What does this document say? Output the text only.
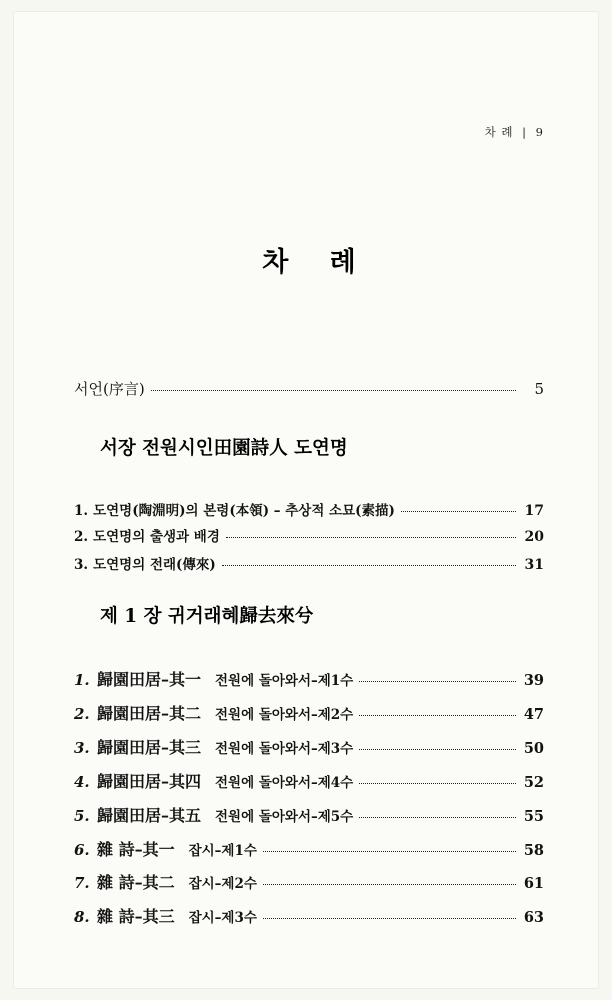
차 례 | 9
차 례
서언(序言)	5
서장 전원시인田園詩人 도연명
1. 도연명(陶淵明)의 본령(本領) – 추상적 소묘(素描)	17
2. 도연명의 출생과 배경	20
3. 도연명의 전래(傳來)	31
제 1 장 귀거래혜歸去來兮
1. 歸園田居–其一 전원에 돌아와서–제1수	39
2. 歸園田居–其二 전원에 돌아와서–제2수	47
3. 歸園田居–其三 전원에 돌아와서–제3수	50
4. 歸園田居–其四 전원에 돌아와서–제4수	52
5. 歸園田居–其五 전원에 돌아와서–제5수	55
6. 雜 詩–其一 잡시–제1수	58
7. 雜 詩–其二 잡시–제2수	61
8. 雜 詩–其三 잡시–제3수	63
